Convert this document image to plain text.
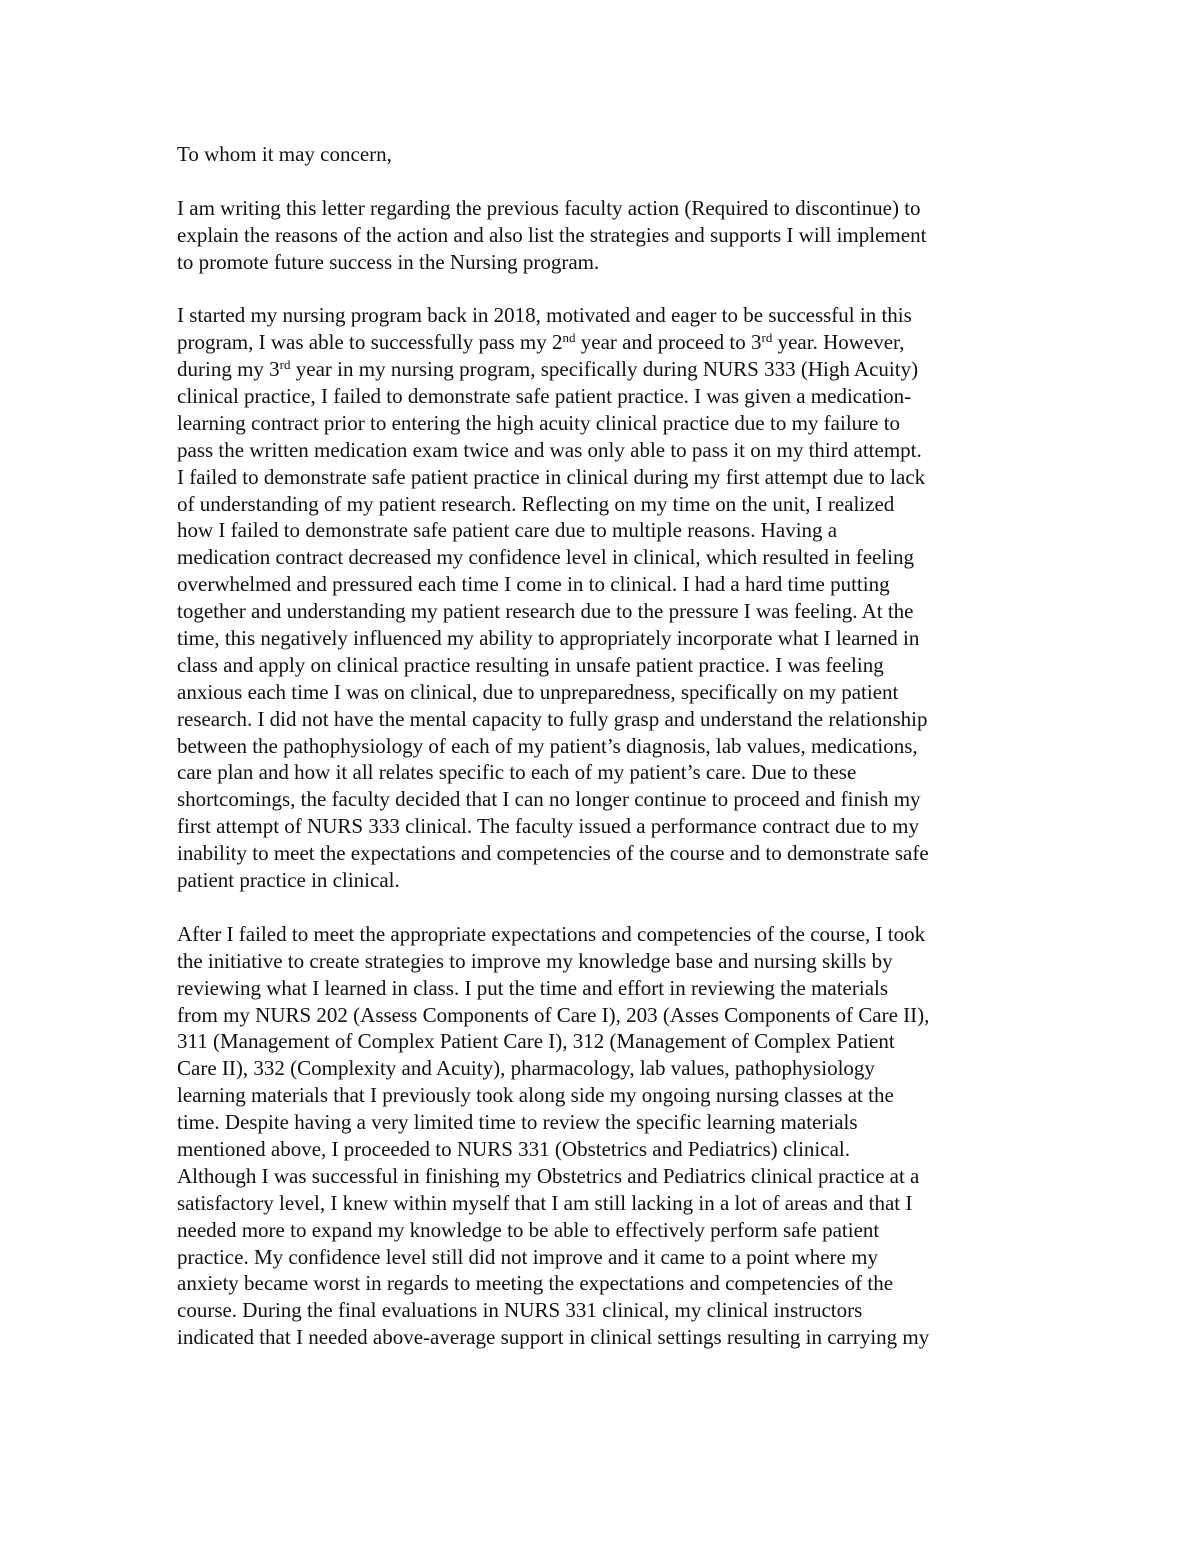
To whom it may concern,
I am writing this letter regarding the previous faculty action (Required to discontinue) to
explain the reasons of the action and also list the strategies and supports I will implement
to promote future success in the Nursing program.
I started my nursing program back in 2018, motivated and eager to be successful in this
program, I was able to successfully pass my 2nd year and proceed to 3rd year. However,
during my 3rd year in my nursing program, specifically during NURS 333 (High Acuity)
clinical practice, I failed to demonstrate safe patient practice. I was given a medication-
learning contract prior to entering the high acuity clinical practice due to my failure to
pass the written medication exam twice and was only able to pass it on my third attempt.
I failed to demonstrate safe patient practice in clinical during my first attempt due to lack
of understanding of my patient research. Reflecting on my time on the unit, I realized
how I failed to demonstrate safe patient care due to multiple reasons. Having a
medication contract decreased my confidence level in clinical, which resulted in feeling
overwhelmed and pressured each time I come in to clinical. I had a hard time putting
together and understanding my patient research due to the pressure I was feeling. At the
time, this negatively influenced my ability to appropriately incorporate what I learned in
class and apply on clinical practice resulting in unsafe patient practice. I was feeling
anxious each time I was on clinical, due to unpreparedness, specifically on my patient
research. I did not have the mental capacity to fully grasp and understand the relationship
between the pathophysiology of each of my patient’s diagnosis, lab values, medications,
care plan and how it all relates specific to each of my patient’s care. Due to these
shortcomings, the faculty decided that I can no longer continue to proceed and finish my
first attempt of NURS 333 clinical. The faculty issued a performance contract due to my
inability to meet the expectations and competencies of the course and to demonstrate safe
patient practice in clinical.
After I failed to meet the appropriate expectations and competencies of the course, I took
the initiative to create strategies to improve my knowledge base and nursing skills by
reviewing what I learned in class. I put the time and effort in reviewing the materials
from my NURS 202 (Assess Components of Care I), 203 (Asses Components of Care II),
311 (Management of Complex Patient Care I), 312 (Management of Complex Patient
Care II), 332 (Complexity and Acuity), pharmacology, lab values, pathophysiology
learning materials that I previously took along side my ongoing nursing classes at the
time. Despite having a very limited time to review the specific learning materials
mentioned above, I proceeded to NURS 331 (Obstetrics and Pediatrics) clinical.
Although I was successful in finishing my Obstetrics and Pediatrics clinical practice at a
satisfactory level, I knew within myself that I am still lacking in a lot of areas and that I
needed more to expand my knowledge to be able to effectively perform safe patient
practice. My confidence level still did not improve and it came to a point where my
anxiety became worst in regards to meeting the expectations and competencies of the
course. During the final evaluations in NURS 331 clinical, my clinical instructors
indicated that I needed above-average support in clinical settings resulting in carrying my
